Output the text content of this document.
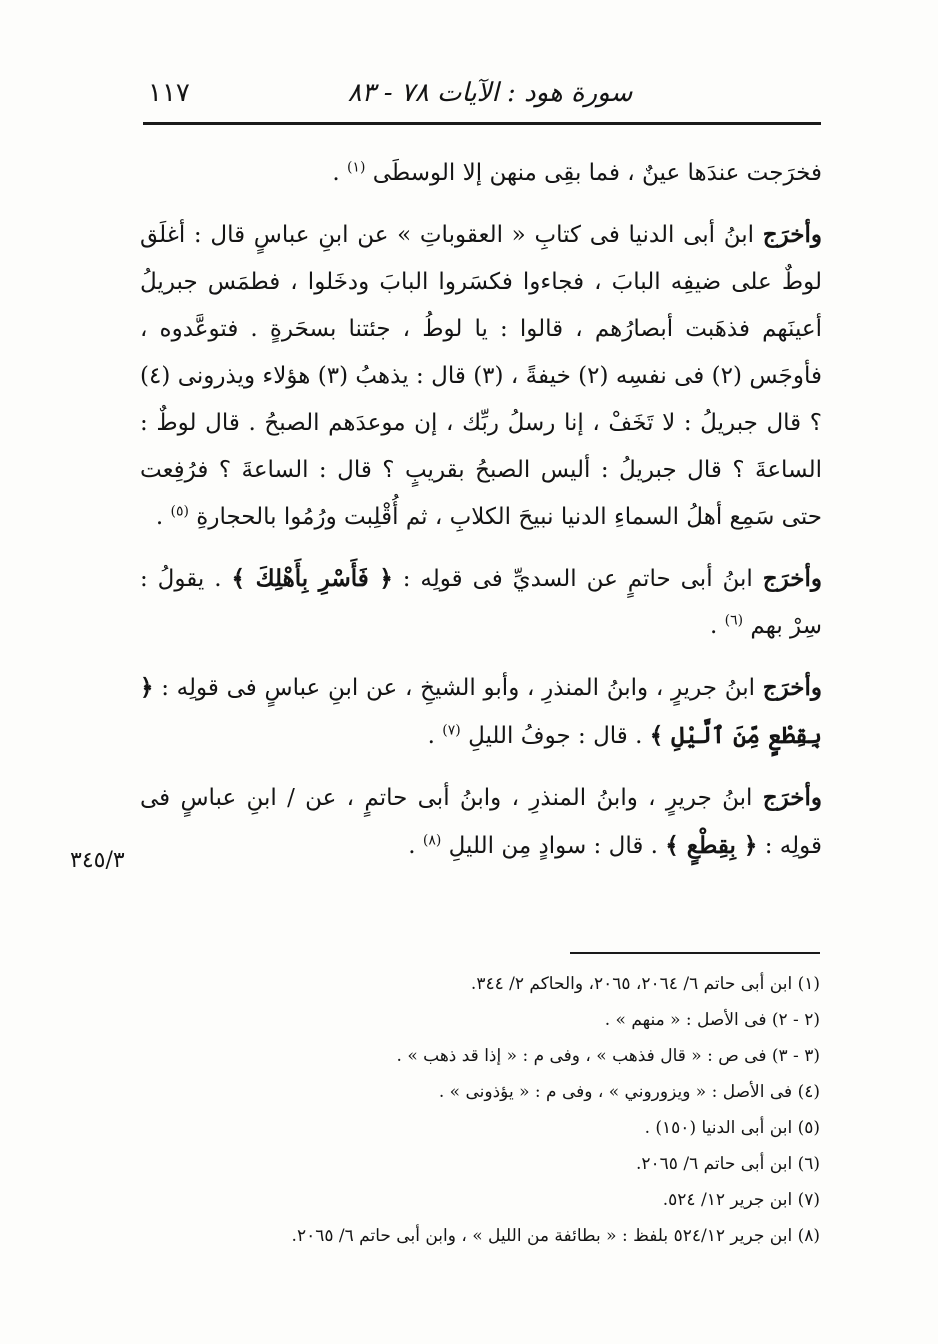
سورة هود : الآيات ٧٨ - ٨٣
١١٧

فخرَجت عندَها عينٌ ، فما بقِى منهن إلا الوسطَى $^{(١)}$ .

وأخرَج ابنُ أبى الدنيا فى كتابِ « العقوباتِ » عن ابنِ عباسٍ قال : أغلَق لوطٌ على ضيفِه البابَ ، فجاءوا فكسَروا البابَ ودخَلوا ، فطمَس جبريلُ أعينَهم فذهَبت أبصارُهم ، قالوا : يا لوطُ ، جئتنا بسحَرةٍ . فتوعَّدوه ، فأوجَس (٢) فى نفسِه (٢) خيفةً ، (٣) قال : يذهبُ (٣) هؤلاء ويذرونى (٤) ؟ قال جبريلُ : لا تَخَفْ ، إنا رسلُ ربِّك ، إن موعدَهم الصبحُ . قال لوطٌ : الساعةَ ؟ قال جبريلُ : أليس الصبحُ بقريبٍ ؟ قال : الساعةَ ؟ فرُفِعت حتى سَمِع أهلُ السماءِ الدنيا نبيحَ الكلابِ ، ثم أُقْلِبت ورُمُوا بالحجارةِ $^{(٥)}$ .

وأخرَج ابنُ أبى حاتمٍ عن السديِّ فى قولِه : ﴿ فَأَسْرِ بِأَهْلِكَ ﴾ . يقولُ : سِرْ بهم $^{(٦)}$ .

وأخرَج ابنُ جريرٍ ، وابنُ المنذرِ ، وأبو الشيخِ ، عن ابنِ عباسٍ فى قولِه : ﴿ بِقِطْعٍ مِّنَ ٱلَّيْلِ ﴾ . قال : جوفُ الليلِ $^{(٧)}$ .

وأخرَج ابنُ جريرٍ ، وابنُ المنذرِ ، وابنُ أبى حاتمٍ ، عن / ابنِ عباسٍ فى قولِه : ﴿ بِقِطْعٍ ﴾ . قال : سوادٍ مِن الليلِ $^{(٨)}$ .

٣٤٥/٣
(١) ابن أبى حاتم ٦/ ٢٠٦٤، ٢٠٦٥، والحاكم ٢/ ٣٤٤.
(٢ - ٢) فى الأصل : « منهم » .
(٣ - ٣) فى ص : « قال فذهب » ، وفى م : « إذا قد ذهب » .
(٤) فى الأصل : « ويزوروني » ، وفى م : « يؤذونى » .
(٥) ابن أبى الدنيا (١٥٠) .
(٦) ابن أبى حاتم ٦/ ٢٠٦٥.
(٧) ابن جرير ١٢/ ٥٢٤.
(٨) ابن جرير ٥٢٤/١٢ بلفظ : « بطائفة من الليل » ، وابن أبى حاتم ٦/ ٢٠٦٥.
